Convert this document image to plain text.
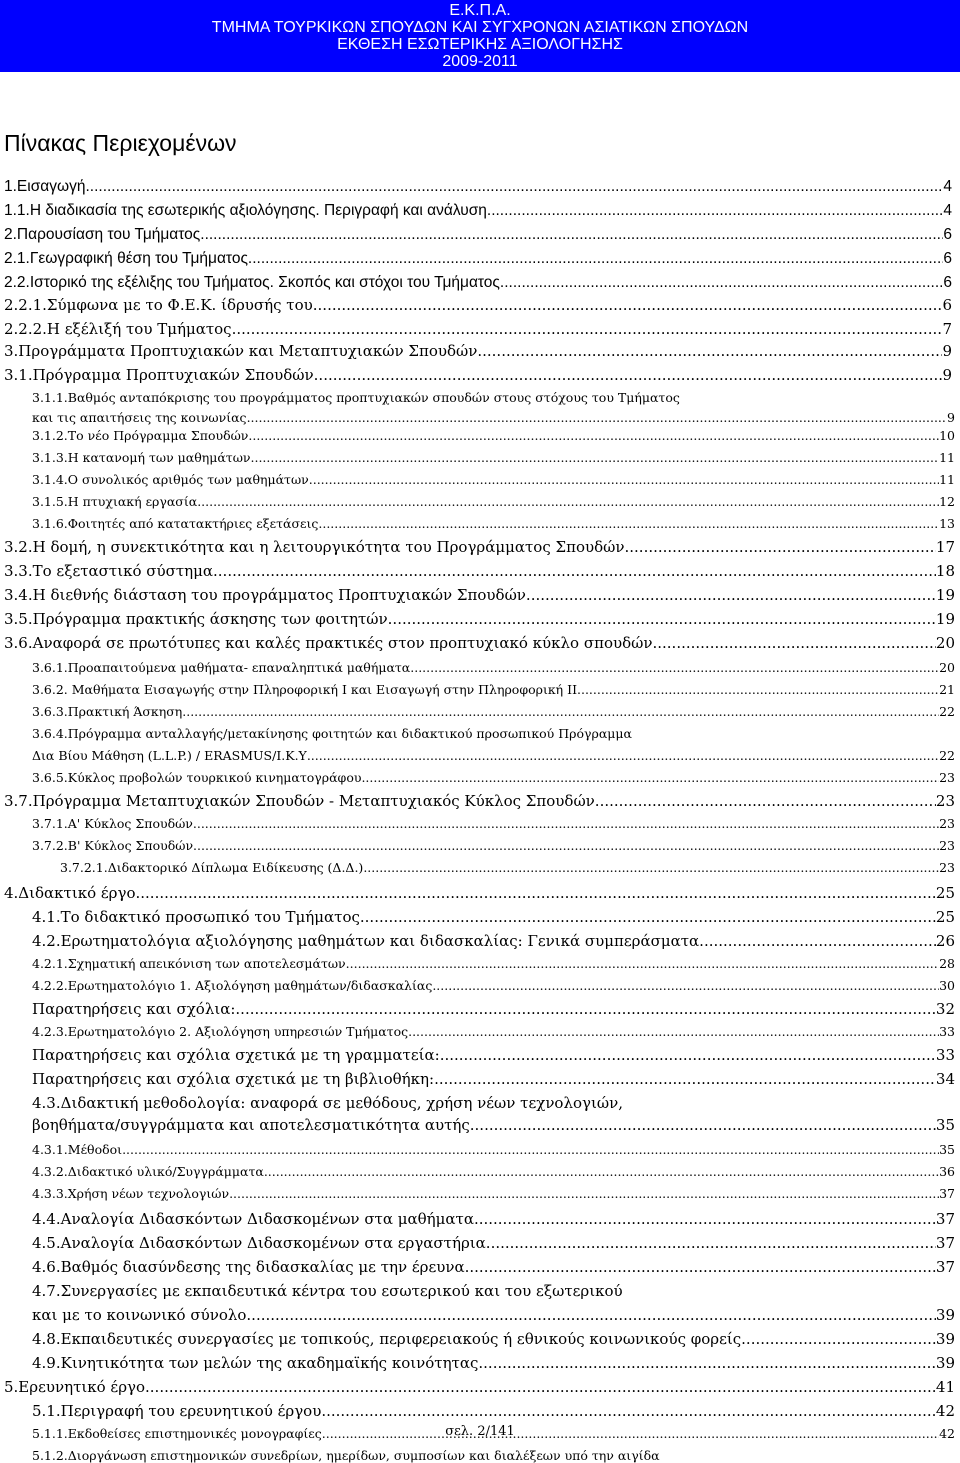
Ε.Κ.Π.Α.
ΤΜΗΜΑ ΤΟΥΡΚΙΚΩΝ ΣΠΟΥΔΩΝ ΚΑΙ ΣΥΓΧΡΟΝΩΝ ΑΣΙΑΤΙΚΩΝ ΣΠΟΥΔΩΝ
ΕΚΘΕΣΗ ΕΣΩΤΕΡΙΚΗΣ ΑΞΙΟΛΟΓΗΣΗΣ
2009-2011
Πίνακας Περιεχομένων
1.Εισαγωγή .....	4
1.1.Η διαδικασία της εσωτερικής αξιολόγησης. Περιγραφή και ανάλυση .....	4
2.Παρουσίαση του Τμήματος .....	6
2.1.Γεωγραφική θέση του Τμήματος .....	6
2.2.Ιστορικό της εξέλιξης του Τμήματος. Σκοπός και στόχοι του Τμήματος .....	6
2.2.1.Σύμφωνα με το Φ.Ε.Κ. ίδρυσής του .....	6
2.2.2.Η εξέλιξή του Τμήματος .....	7
3.Προγράμματα Προπτυχιακών και Μεταπτυχιακών Σπουδών .....	9
3.1.Πρόγραμμα Προπτυχιακών Σπουδών .....	9
3.1.1.Βαθμός ανταπόκρισης του προγράμματος προπτυχιακών σπουδών στους στόχους του Τμήματος
και τις απαιτήσεις της κοινωνίας .....	9
3.1.2.Το νέο Πρόγραμμα Σπουδών .....	10
3.1.3.Η κατανομή των μαθημάτων .....	11
3.1.4.Ο συνολικός αριθμός των μαθημάτων .....	11
3.1.5.Η πτυχιακή εργασία .....	12
3.1.6.Φοιτητές από κατατακτήριες εξετάσεις .....	13
3.2.Η δομή, η συνεκτικότητα και η λειτουργικότητα του Προγράμματος Σπουδών .....	17
3.3.Το εξεταστικό σύστημα .....	18
3.4.Η διεθνής διάσταση του προγράμματος Προπτυχιακών Σπουδών .....	19
3.5.Πρόγραμμα πρακτικής άσκησης των φοιτητών .....	19
3.6.Αναφορά σε πρωτότυπες και καλές πρακτικές στον προπτυχιακό κύκλο σπουδών .....	20
3.6.1.Προαπαιτούμενα μαθήματα- επαναληπτικά μαθήματα .....	20
3.6.2. Μαθήματα Εισαγωγής στην Πληροφορική Ι και Εισαγωγή στην Πληροφορική ΙΙ .....	21
3.6.3.Πρακτική Άσκηση .....	22
3.6.4.Πρόγραμμα ανταλλαγής/μετακίνησης φοιτητών και διδακτικού προσωπικού Πρόγραμμα
Δια Βίου Μάθηση (L.L.P.) / ERASMUS/I.K.Y .....	22
3.6.5.Κύκλος προβολών τουρκικού κινηματογράφου .....	23
3.7.Πρόγραμμα Μεταπτυχιακών Σπουδών - Μεταπτυχιακός Κύκλος Σπουδών .....	23
3.7.1.Α' Κύκλος Σπουδών .....	23
3.7.2.Β' Κύκλος Σπουδών .....	23
3.7.2.1.Διδακτορικό Δίπλωμα Ειδίκευσης (Δ.Δ.) .....	23
4.Διδακτικό έργο .....	25
4.1.Το διδακτικό προσωπικό του Τμήματος .....	25
4.2.Ερωτηματολόγια αξιολόγησης μαθημάτων και διδασκαλίας: Γενικά συμπεράσματα .....	26
4.2.1.Σχηματική απεικόνιση των αποτελεσμάτων .....	28
4.2.2.Ερωτηματολόγιο 1. Αξιολόγηση μαθημάτων/διδασκαλίας .....	30
Παρατηρήσεις και σχόλια: .....	32
4.2.3.Ερωτηματολόγιο 2. Αξιολόγηση υπηρεσιών Τμήματος .....	33
Παρατηρήσεις και σχόλια σχετικά με τη γραμματεία: .....	33
Παρατηρήσεις και σχόλια σχετικά με τη βιβλιοθήκη: .....	34
4.3.Διδακτική μεθοδολογία: αναφορά σε μεθόδους, χρήση νέων τεχνολογιών,
βοηθήματα/συγγράμματα και αποτελεσματικότητα αυτής .....	35
4.3.1.Μέθοδοι .....	35
4.3.2.Διδακτικό υλικό/Συγγράμματα .....	36
4.3.3.Χρήση νέων τεχνολογιών .....	37
4.4.Αναλογία Διδασκόντων Διδασκομένων στα μαθήματα .....	37
4.5.Αναλογία Διδασκόντων Διδασκομένων στα εργαστήρια .....	37
4.6.Βαθμός διασύνδεσης της διδασκαλίας με την έρευνα .....	37
4.7.Συνεργασίες με εκπαιδευτικά κέντρα του εσωτερικού και του εξωτερικού
και με το κοινωνικό σύνολο .....	39
4.8.Εκπαιδευτικές συνεργασίες με τοπικούς, περιφερειακούς ή εθνικούς κοινωνικούς φορείς .....	39
4.9.Κινητικότητα των μελών της ακαδημαϊκής κοινότητας .....	39
5.Ερευνητικό έργο .....	41
5.1.Περιγραφή του ερευνητικού έργου .....	42
5.1.1.Εκδοθείσες επιστημονικές μονογραφίες .....	42
5.1.2.Διοργάνωση επιστημονικών συνεδρίων, ημερίδων, συμποσίων και διαλέξεων υπό την αιγίδα
σελ. 2/141
